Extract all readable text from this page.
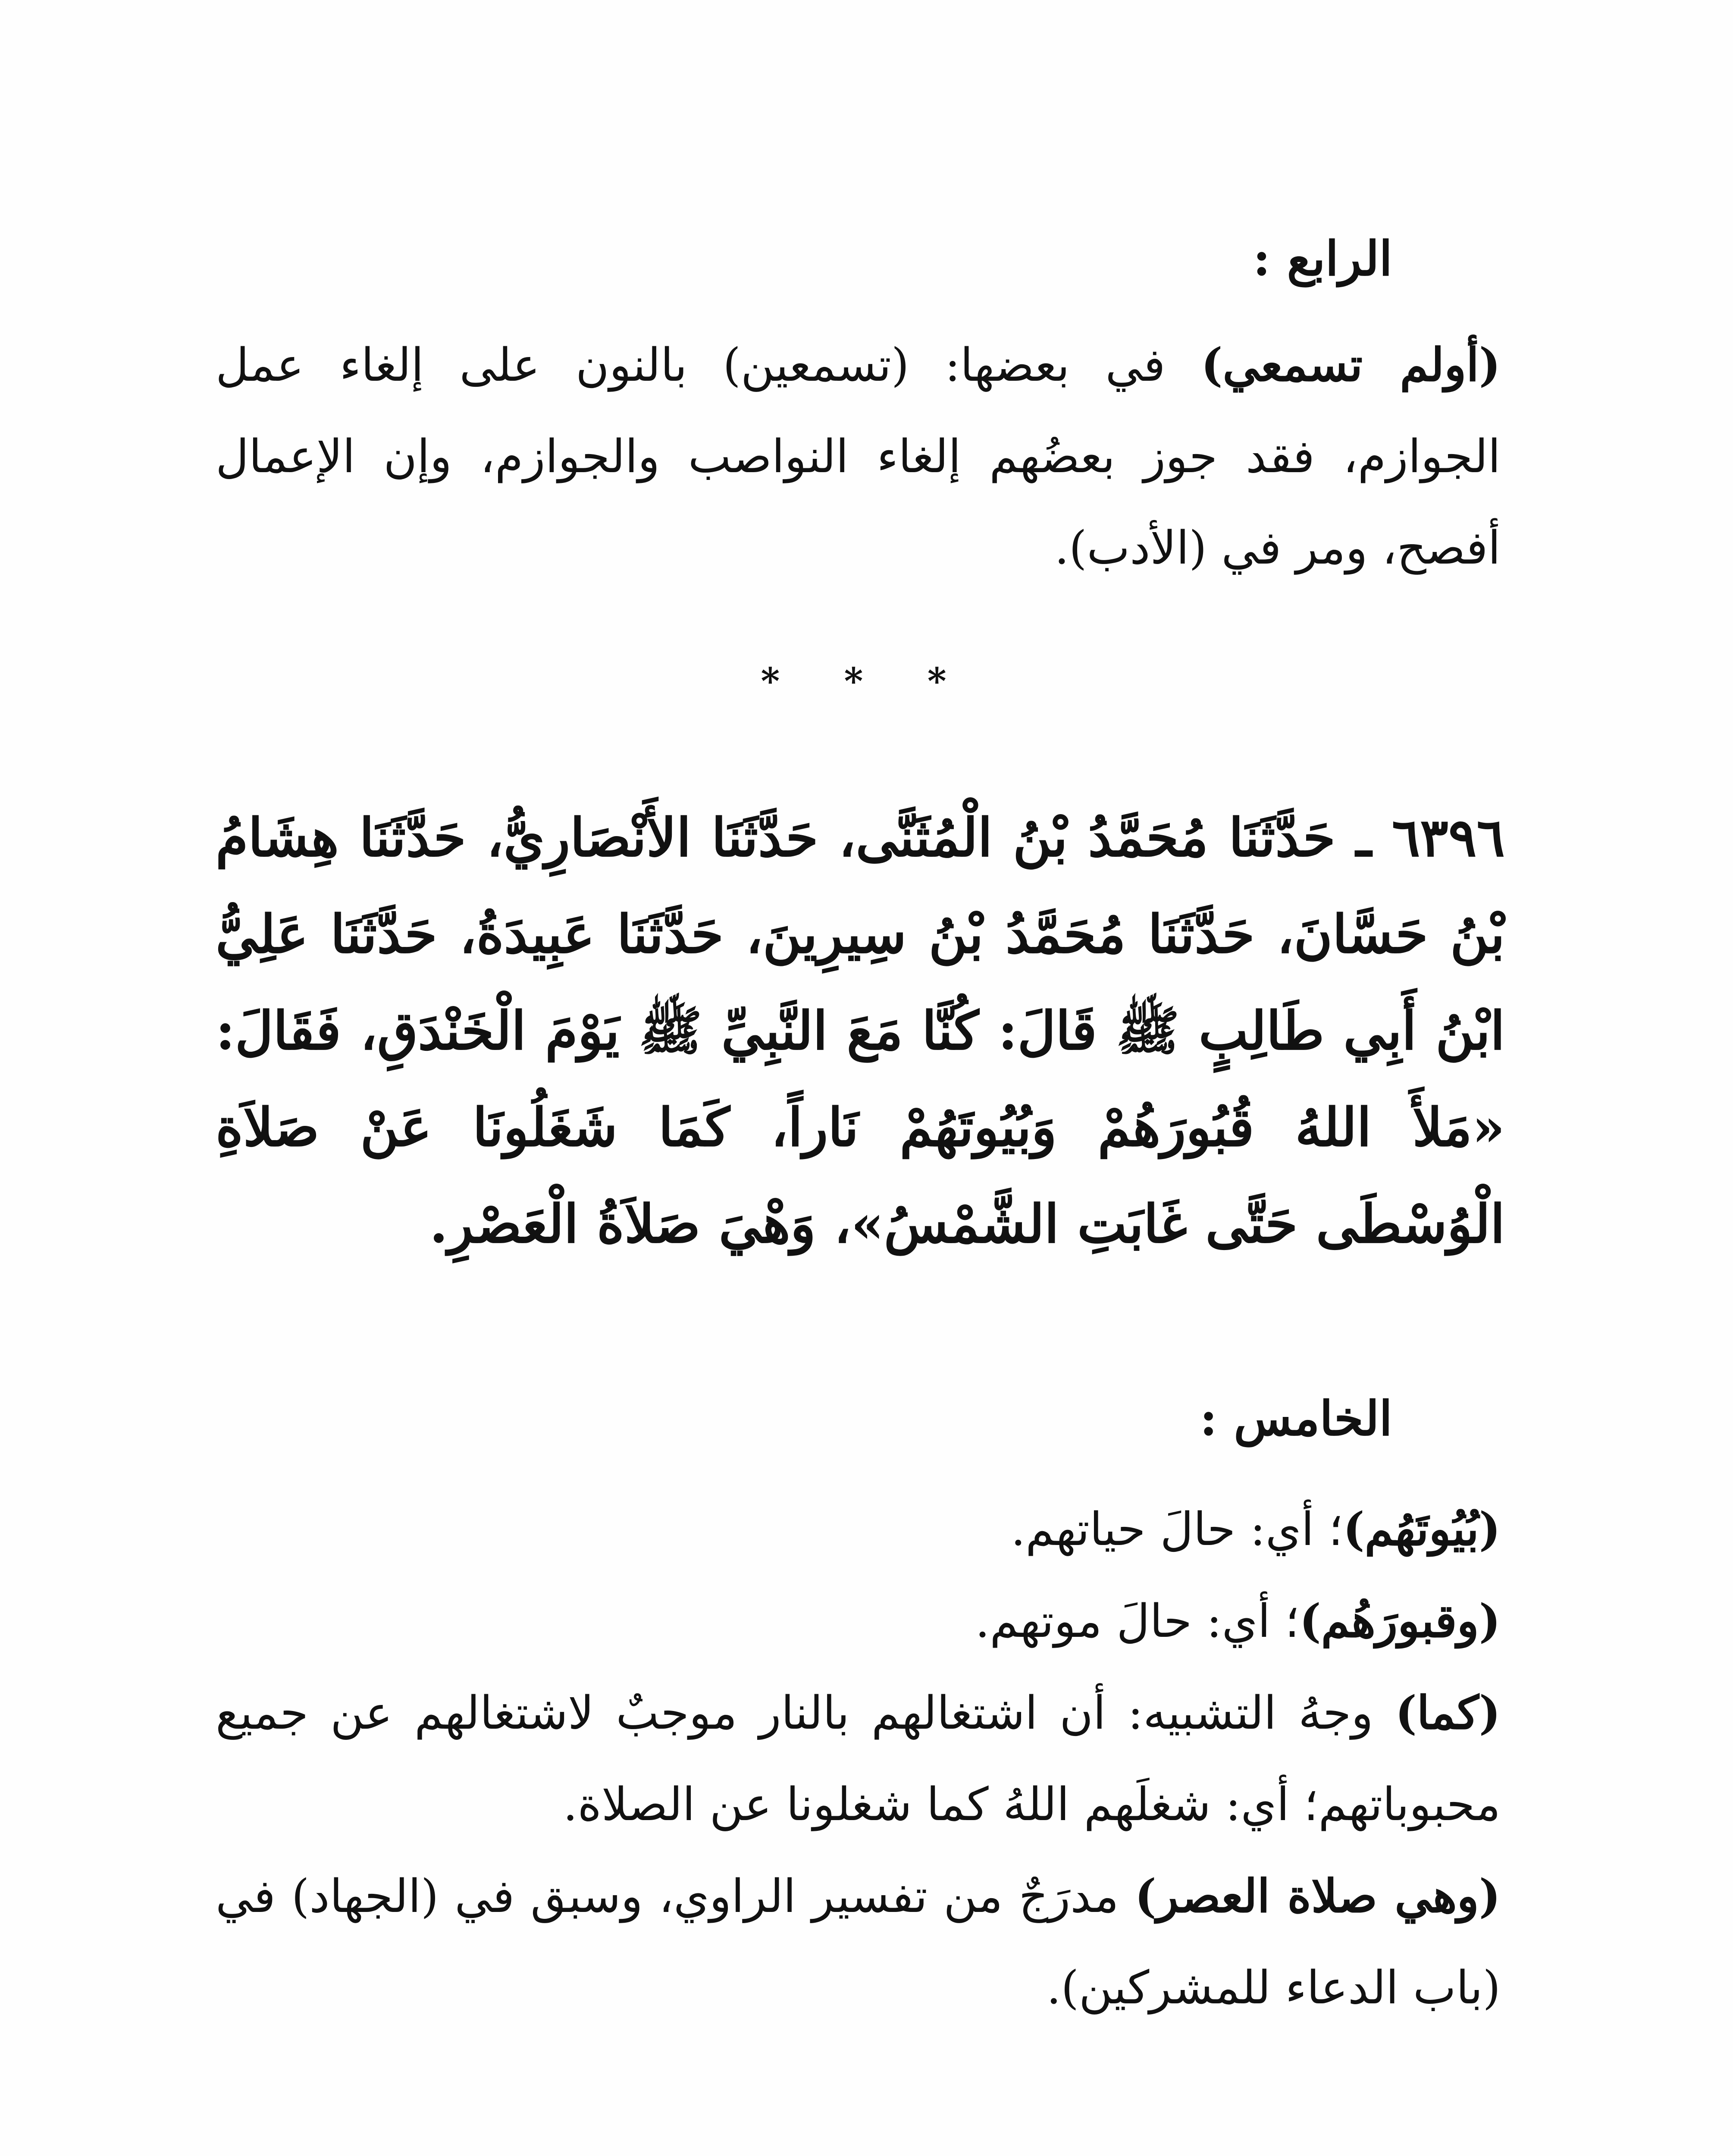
الرابع :

(أولم تسمعي) في بعضها: (تسمعين) بالنون على إلغاء عمل الجوازم، فقد جوز بعضُهم إلغاء النواصب والجوازم، وإن الإعمال أفصح، ومر في (الأدب).

* * *

٦٣٩٦ ـ حَدَّثَنَا مُحَمَّدُ بْنُ الْمُثَنَّى، حَدَّثَنَا الأَنْصَارِيُّ، حَدَّثَنَا هِشَامُ بْنُ حَسَّانَ، حَدَّثَنَا مُحَمَّدُ بْنُ سِيرِينَ، حَدَّثَنَا عَبِيدَةُ، حَدَّثَنَا عَلِيُّ ابْنُ أَبِي طَالِبٍ ﷺ قَالَ: كُنَّا مَعَ النَّبِيِّ ﷺ يَوْمَ الْخَنْدَقِ، فَقَالَ: «مَلأَ اللهُ قُبُورَهُمْ وَبُيُوتَهُمْ نَاراً، كَمَا شَغَلُونَا عَنْ صَلاَةِ الْوُسْطَى حَتَّى غَابَتِ الشَّمْسُ»، وَهْيَ صَلاَةُ الْعَصْرِ.

الخامس :

(بُيُوتَهُم)؛ أي: حالَ حياتهم.

(وقبورَهُم)؛ أي: حالَ موتهم.

(كما) وجهُ التشبيه: أن اشتغالهم بالنار موجبٌ لاشتغالهم عن جميع محبوباتهم؛ أي: شغلَهم اللهُ كما شغلونا عن الصلاة.

(وهي صلاة العصر) مدرَجٌ من تفسير الراوي، وسبق في (الجهاد) في (باب الدعاء للمشركين).
